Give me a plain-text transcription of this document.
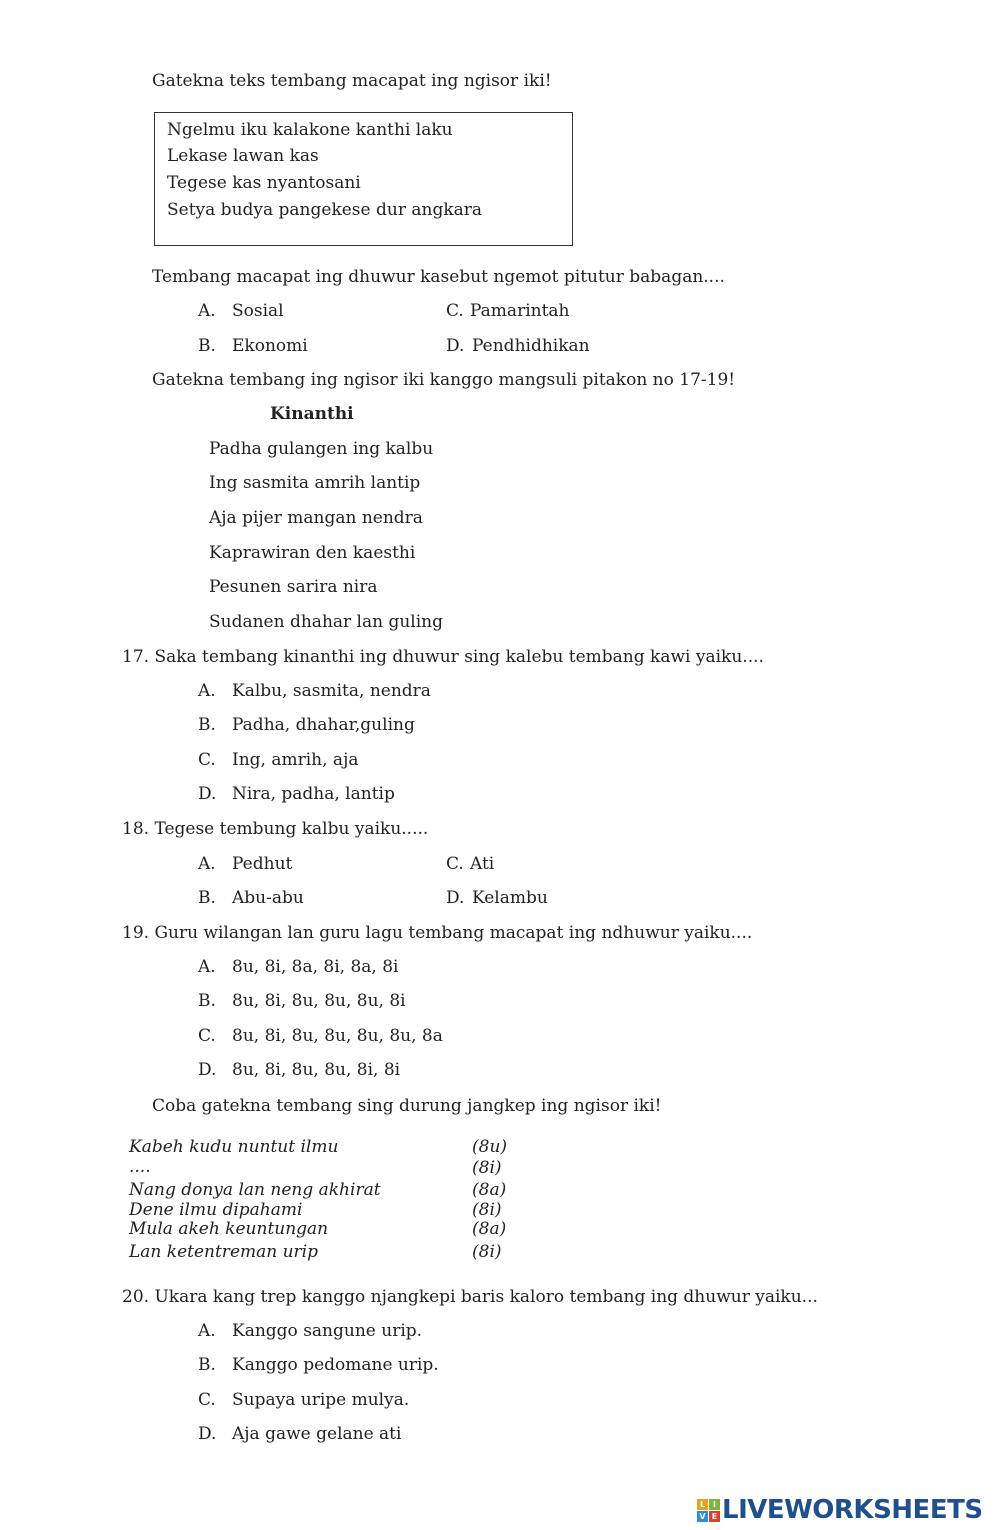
Gatekna teks tembang macapat ing ngisor iki!
Ngelmu iku kalakone kanthi laku
Lekase lawan kas
Tegese kas nyantosani
Setya budya pangekese dur angkara
Tembang macapat ing dhuwur kasebut ngemot pitutur babagan....
A. Sosial
B. Ekonomi
C. Pamarintah
D. Pendhidhikan
Gatekna tembang ing ngisor iki kanggo mangsuli pitakon no 17-19!
Kinanthi
Padha gulangen ing kalbu
Ing sasmita amrih lantip
Aja pijer mangan nendra
Kaprawiran den kaesthi
Pesunen sarira nira
Sudanen dhahar lan guling
17. Saka tembang kinanthi ing dhuwur sing kalebu tembang kawi yaiku....
A. Kalbu, sasmita, nendra
B. Padha, dhahar,guling
C. Ing, amrih, aja
D. Nira, padha, lantip
18. Tegese tembung kalbu yaiku.....
A. Pedhut
B. Abu-abu
C. Ati
D. Kelambu
19. Guru wilangan lan guru lagu tembang macapat ing ndhuwur yaiku....
A. 8u, 8i, 8a, 8i, 8a, 8i
B. 8u, 8i, 8u, 8u, 8u, 8i
C. 8u, 8i, 8u, 8u, 8u, 8u, 8a
D. 8u, 8i, 8u, 8u, 8i, 8i
Coba gatekna tembang sing durung jangkep ing ngisor iki!
Kabeh kudu nuntut ilmu	(8u)
....	(8i)
Nang donya lan neng akhirat	(8a)
Dene ilmu dipahami	(8i)
Mula akeh keuntungan	(8a)
Lan ketentreman urip	(8i)
20. Ukara kang trep kanggo njangkepi baris kaloro tembang ing dhuwur yaiku...
A. Kanggo sangune urip.
B. Kanggo pedomane urip.
C. Supaya uripe mulya.
D. Aja gawe gelane ati
L I
V E LIVEWORKSHEETS
